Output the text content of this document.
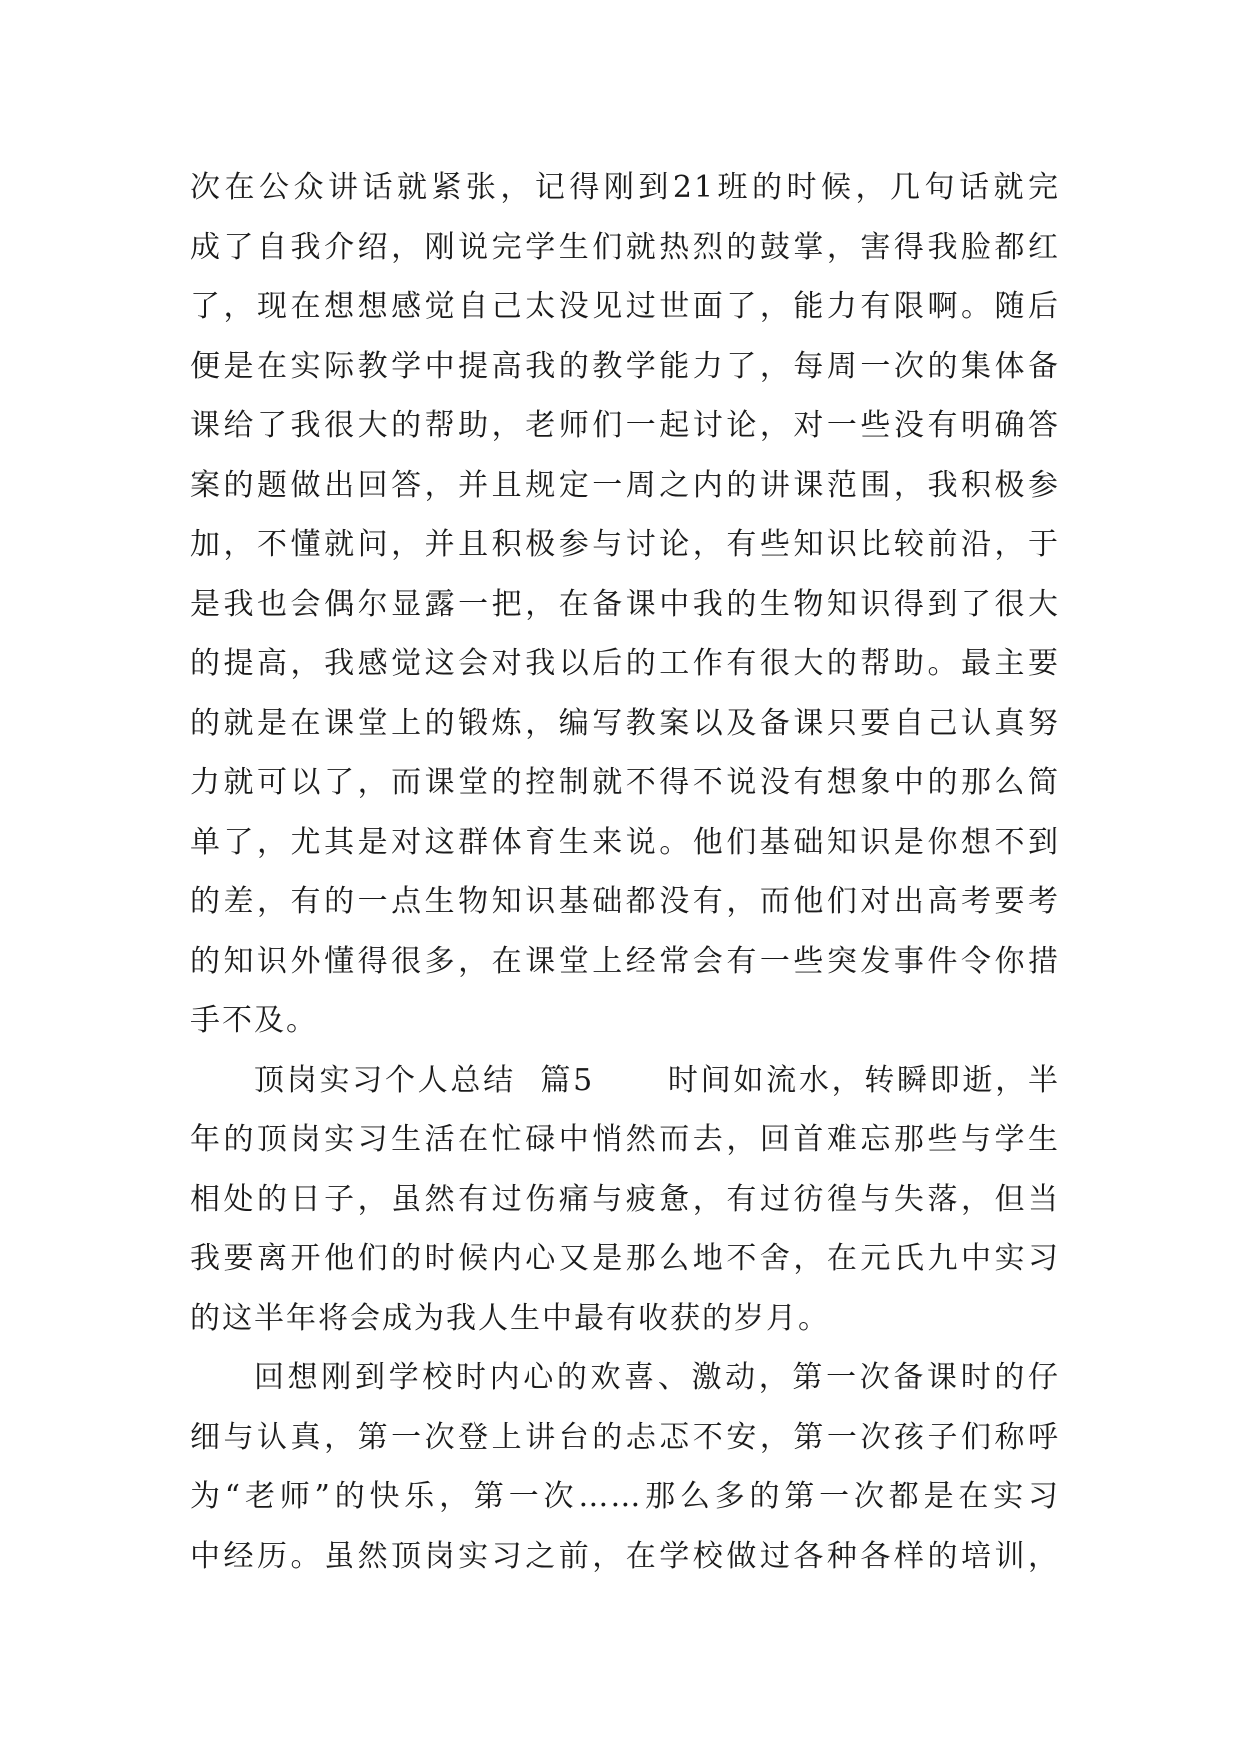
次在公众讲话就紧张，记得刚到21班的时候，几句话就完
成了自我介绍，刚说完学生们就热烈的鼓掌，害得我脸都红
了，现在想想感觉自己太没见过世面了，能力有限啊。随后
便是在实际教学中提高我的教学能力了，每周一次的集体备
课给了我很大的帮助，老师们一起讨论，对一些没有明确答
案的题做出回答，并且规定一周之内的讲课范围，我积极参
加，不懂就问，并且积极参与讨论，有些知识比较前沿，于
是我也会偶尔显露一把，在备课中我的生物知识得到了很大
的提高，我感觉这会对我以后的工作有很大的帮助。最主要
的就是在课堂上的锻炼，编写教案以及备课只要自己认真努
力就可以了，而课堂的控制就不得不说没有想象中的那么简
单了，尤其是对这群体育生来说。他们基础知识是你想不到
的差，有的一点生物知识基础都没有，而他们对出高考要考
的知识外懂得很多，在课堂上经常会有一些突发事件令你措
手不及。
顶岗实习个人总结  篇5      时间如流水，转瞬即逝，半
年的顶岗实习生活在忙碌中悄然而去，回首难忘那些与学生
相处的日子，虽然有过伤痛与疲惫，有过彷徨与失落，但当
我要离开他们的时候内心又是那么地不舍，在元氏九中实习
的这半年将会成为我人生中最有收获的岁月。
回想刚到学校时内心的欢喜、激动，第一次备课时的仔
细与认真，第一次登上讲台的忐忑不安，第一次孩子们称呼
为“老师”的快乐，第一次……那么多的第一次都是在实习
中经历。虽然顶岗实习之前，在学校做过各种各样的培训，
